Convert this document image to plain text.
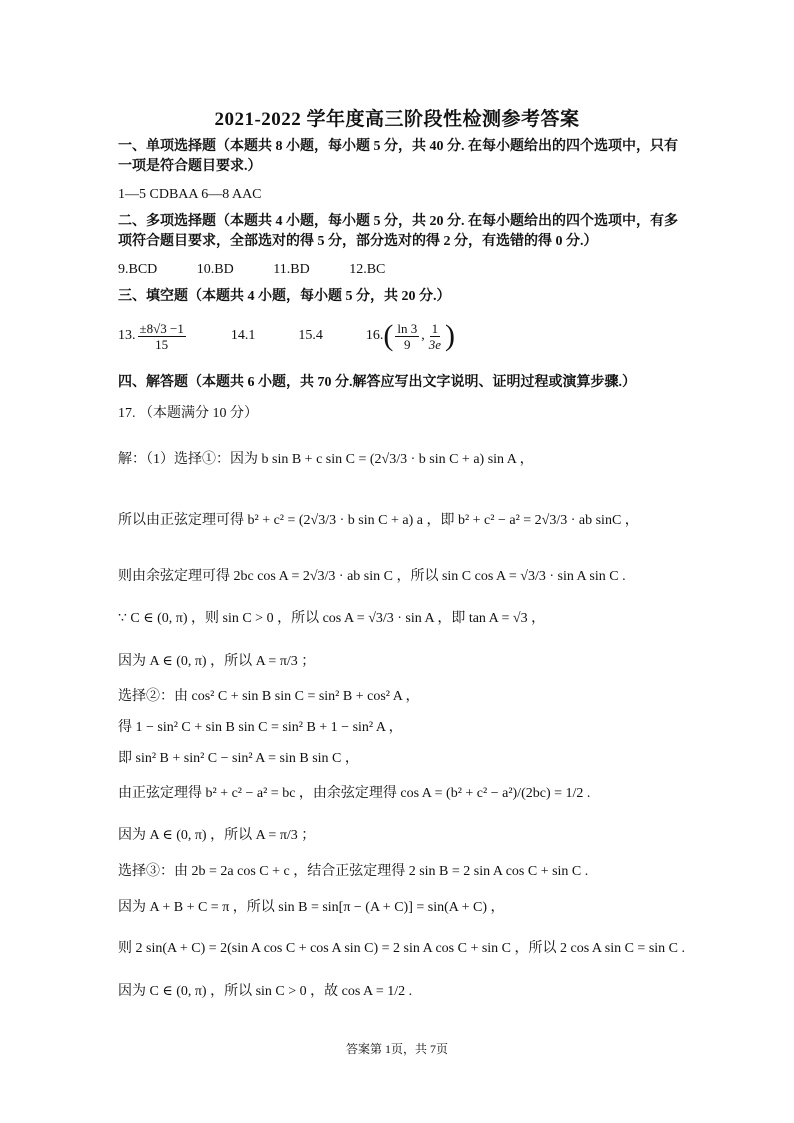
2021-2022 学年度高三阶段性检测参考答案
一、单项选择题（本题共 8 小题，每小题 5 分，共 40 分. 在每小题给出的四个选项中，只有一项是符合题目要求.）
1—5 CDBAA 6—8 AAC
二、多项选择题（本题共 4 小题，每小题 5 分，共 20 分. 在每小题给出的四个选项中，有多项符合题目要求，全部选对的得 5 分，部分选对的得 2 分，有选错的得 0 分.）
9.BCD	10.BD	11.BD	12.BC
三、填空题（本题共 4 小题，每小题 5 分，共 20 分.）
13. $\frac{\pm 8√3 -1}{15}$	14.1	15.4	$16.( \frac{\ln 3}{9}$ , $\frac{1}{3e}$ )
四、解答题（本题共 6 小题，共 70 分.解答应写出文字说明、证明过程或演算步骤.）
17. （本题满分 10 分）
解：（1）选择①：因为 b sin B + c sin C = (2√3/3 · b sin C + a) sin A ，
所以由正弦定理可得 b² + c² = (2√3/3 · b sin C + a) a ，即 b² + c² − a² = 2√3/3 · ab sinC ，
则由余弦定理可得 2bc cos A = 2√3/3 · ab sin C ，所以 sin C cos A = √3/3 · sin A sin C .
∵ C ∈ (0, π) ，则 sin C > 0 ，所以 cos A = √3/3 · sin A ，即 tan A = √3 ，
因为 A ∈ (0, π) ，所以 A = π/3 ；
选择②：由 cos² C + sin B sin C = sin² B + cos² A ，
得 1 − sin² C + sin B sin C = sin² B + 1 − sin² A ，
即 sin² B + sin² C − sin² A = sin B sin C ，
由正弦定理得 b² + c² − a² = bc ，由余弦定理得 cos A = (b² + c² − a²)/(2bc) = 1/2 .
因为 A ∈ (0, π) ，所以 A = π/3 ；
选择③：由 2b = 2a cos C + c ，结合正弦定理得 2 sin B = 2 sin A cos C + sin C .
因为 A + B + C = π ，所以 sin B = sin[π − (A + C)] = sin(A + C) ，
则 2 sin(A + C) = 2(sin A cos C + cos A sin C) = 2 sin A cos C + sin C ，所以 2 cos A sin C = sin C .
因为 C ∈ (0, π) ，所以 sin C > 0 ，故 cos A = 1/2 .
答案第 1页，共 7页
